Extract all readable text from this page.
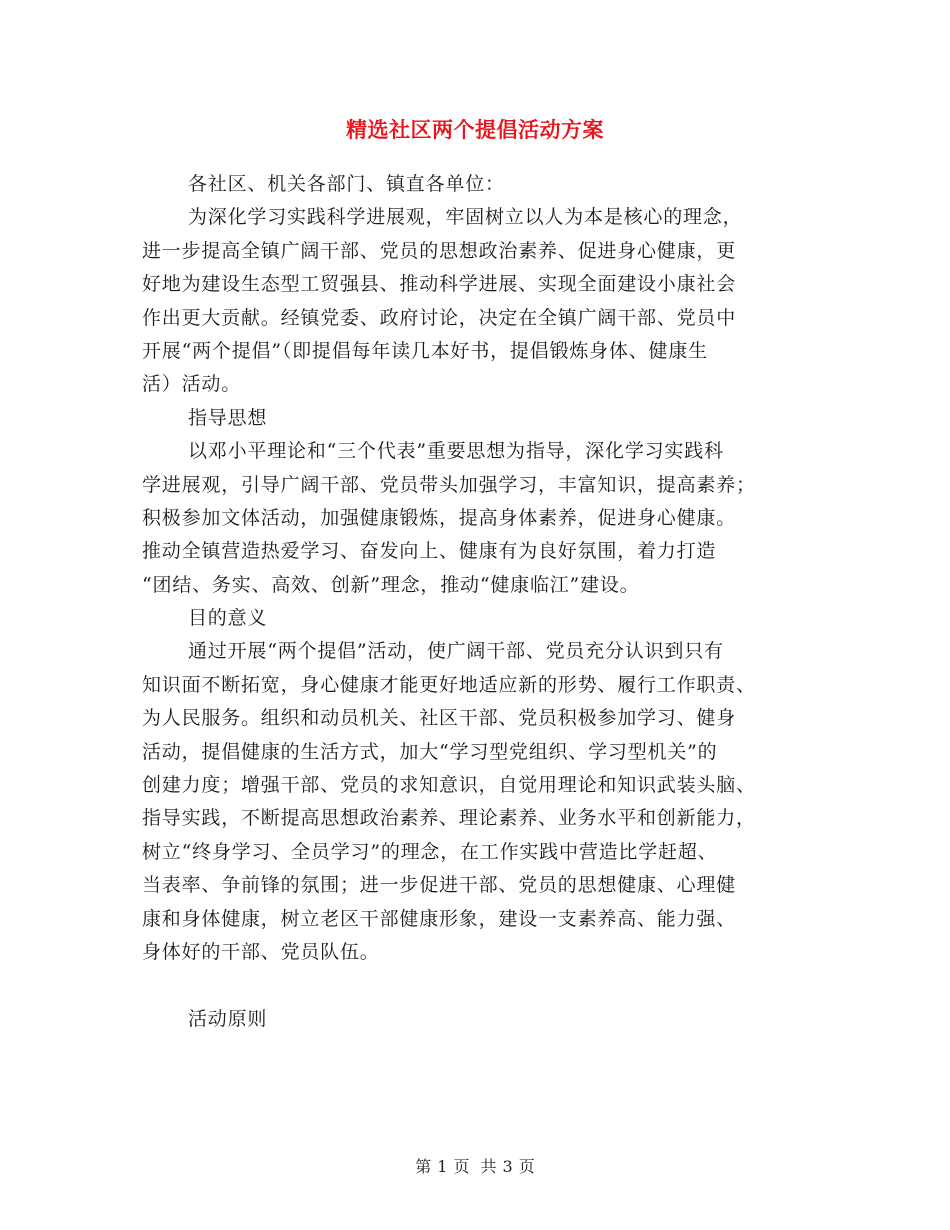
精选社区两个提倡活动方案
各社区、机关各部门、镇直各单位：
为深化学习实践科学进展观，牢固树立以人为本是核心的理念，
进一步提高全镇广阔干部、党员的思想政治素养、促进身心健康，更
好地为建设生态型工贸强县、推动科学进展、实现全面建设小康社会
作出更大贡献。经镇党委、政府讨论，决定在全镇广阔干部、党员中
开展“两个提倡”（即提倡每年读几本好书，提倡锻炼身体、健康生
活）活动。
指导思想
以邓小平理论和“三个代表”重要思想为指导，深化学习实践科
学进展观，引导广阔干部、党员带头加强学习，丰富知识，提高素养；
积极参加文体活动，加强健康锻炼，提高身体素养，促进身心健康。
推动全镇营造热爱学习、奋发向上、健康有为良好氛围，着力打造
“团结、务实、高效、创新”理念，推动“健康临江”建设。
目的意义
通过开展“两个提倡”活动，使广阔干部、党员充分认识到只有
知识面不断拓宽，身心健康才能更好地适应新的形势、履行工作职责、
为人民服务。组织和动员机关、社区干部、党员积极参加学习、健身
活动，提倡健康的生活方式，加大“学习型党组织、学习型机关”的
创建力度；增强干部、党员的求知意识，自觉用理论和知识武装头脑、
指导实践，不断提高思想政治素养、理论素养、业务水平和创新能力，
树立“终身学习、全员学习”的理念，在工作实践中营造比学赶超、
当表率、争前锋的氛围；进一步促进干部、党员的思想健康、心理健
康和身体健康，树立老区干部健康形象，建设一支素养高、能力强、
身体好的干部、党员队伍。
活动原则
第 1 页 共 3 页
